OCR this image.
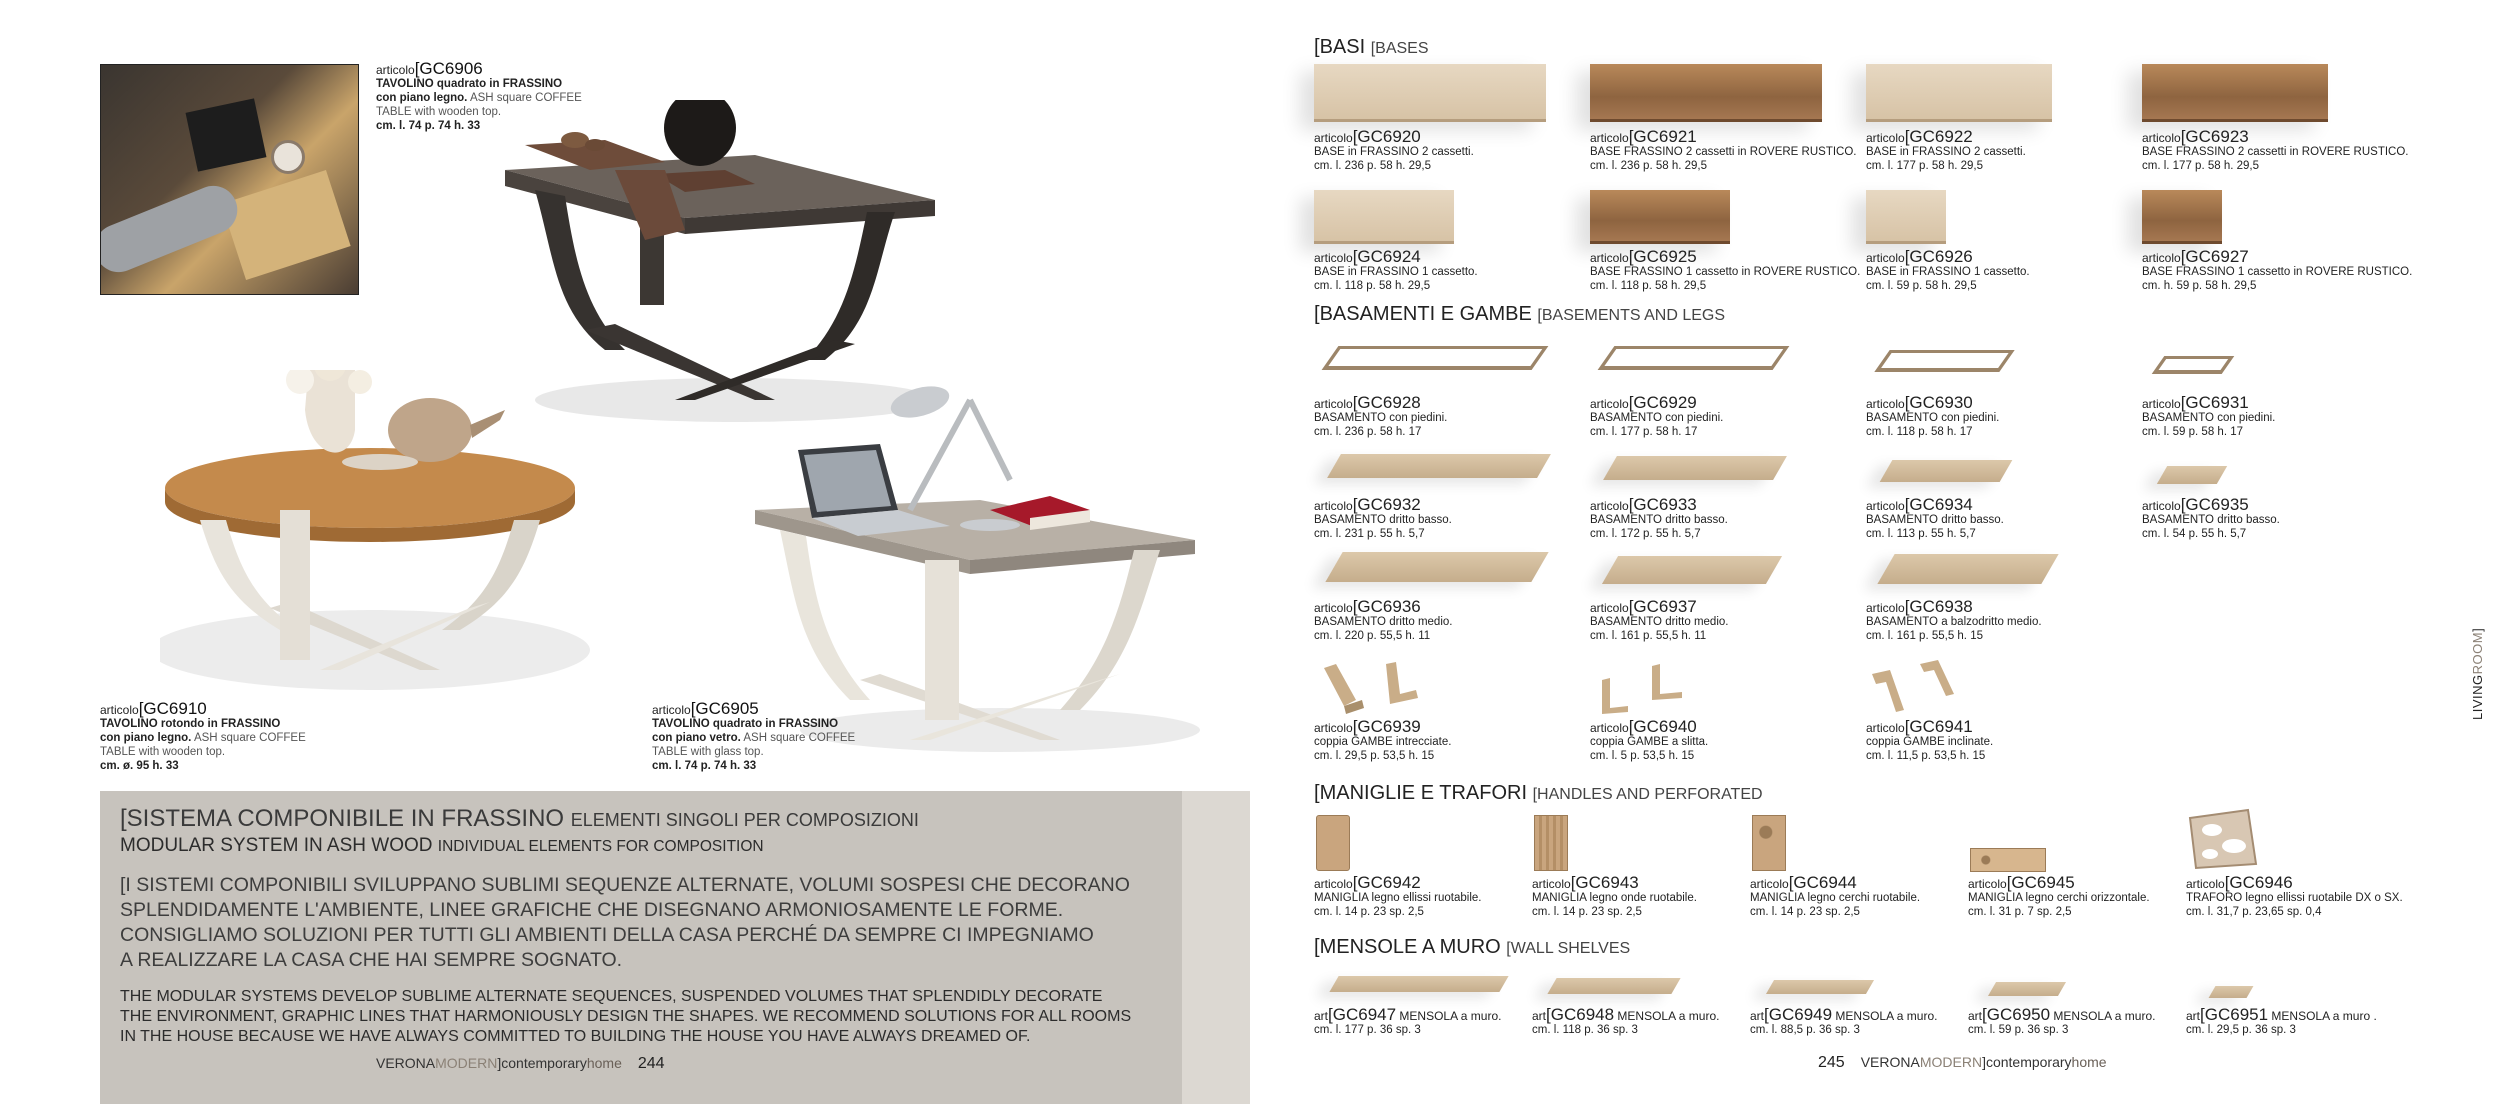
articolo[GC6906
TAVOLINO quadrato in FRASSINO
con piano legno. ASH square COFFEE
TABLE with wooden top.
cm. l. 74 p. 74 h. 33
articolo[GC6910
TAVOLINO rotondo in FRASSINO
con piano legno. ASH square COFFEE
TABLE with wooden top.
cm. ø. 95 h. 33
articolo[GC6905
TAVOLINO quadrato in FRASSINO
con piano vetro. ASH square COFFEE
TABLE with glass top.
cm. l. 74 p. 74 h. 33
[SISTEMA COMPONIBILE IN FRASSINO ELEMENTI SINGOLI PER COMPOSIZIONI
MODULAR SYSTEM IN ASH WOOD INDIVIDUAL ELEMENTS FOR COMPOSITION
[I SISTEMI COMPONIBILI SVILUPPANO SUBLIMI SEQUENZE ALTERNATE, VOLUMI SOSPESI CHE DECORANO
SPLENDIDAMENTE L'AMBIENTE, LINEE GRAFICHE CHE DISEGNANO ARMONIOSAMENTE LE FORME.
CONSIGLIAMO SOLUZIONI PER TUTTI GLI AMBIENTI DELLA CASA PERCHÉ DA SEMPRE CI IMPEGNIAMO
A REALIZZARE LA CASA CHE HAI SEMPRE SOGNATO.
THE MODULAR SYSTEMS DEVELOP SUBLIME ALTERNATE SEQUENCES, SUSPENDED VOLUMES THAT SPLENDIDLY DECORATE
THE ENVIRONMENT, GRAPHIC LINES THAT HARMONIOUSLY DESIGN THE SHAPES. WE RECOMMEND SOLUTIONS FOR ALL ROOMS
IN THE HOUSE BECAUSE WE HAVE ALWAYS COMMITTED TO BUILDING THE HOUSE YOU HAVE ALWAYS DREAMED OF.
VERONAMODERN]contemporaryhome 244
[BASI [BASES
articolo[GC6920
BASE in FRASSINO 2 cassetti.
cm. l. 236 p. 58 h. 29,5
articolo[GC6921
BASE FRASSINO 2 cassetti in ROVERE RUSTICO.
cm. l. 236 p. 58 h. 29,5
articolo[GC6922
BASE in FRASSINO 2 cassetti.
cm. l. 177 p. 58 h. 29,5
articolo[GC6923
BASE FRASSINO 2 cassetti in ROVERE RUSTICO.
cm. l. 177 p. 58 h. 29,5
articolo[GC6924
BASE in FRASSINO 1 cassetto.
cm. l. 118 p. 58 h. 29,5
articolo[GC6925
BASE FRASSINO 1 cassetto in ROVERE RUSTICO.
cm. l. 118 p. 58 h. 29,5
articolo[GC6926
BASE in FRASSINO 1 cassetto.
cm. l. 59 p. 58 h. 29,5
articolo[GC6927
BASE FRASSINO 1 cassetto in ROVERE RUSTICO.
cm. h. 59 p. 58 h. 29,5
[BASAMENTI E GAMBE [BASEMENTS AND LEGS
articolo[GC6928
BASAMENTO con piedini.
cm. l. 236 p. 58 h. 17
articolo[GC6929
BASAMENTO con piedini.
cm. l. 177 p. 58 h. 17
articolo[GC6930
BASAMENTO con piedini.
cm. l. 118 p. 58 h. 17
articolo[GC6931
BASAMENTO con piedini.
cm. l. 59 p. 58 h. 17
articolo[GC6932
BASAMENTO dritto basso.
cm. l. 231 p. 55 h. 5,7
articolo[GC6933
BASAMENTO dritto basso.
cm. l. 172 p. 55 h. 5,7
articolo[GC6934
BASAMENTO dritto basso.
cm. l. 113 p. 55 h. 5,7
articolo[GC6935
BASAMENTO dritto basso.
cm. l. 54 p. 55 h. 5,7
articolo[GC6936
BASAMENTO dritto medio.
cm. l. 220 p. 55,5 h. 11
articolo[GC6937
BASAMENTO dritto medio.
cm. l. 161 p. 55,5 h. 11
articolo[GC6938
BASAMENTO a balzodritto medio.
cm. l. 161 p. 55,5 h. 15
articolo[GC6939
coppia GAMBE intrecciate.
cm. l. 29,5 p. 53,5 h. 15
articolo[GC6940
coppia GAMBE a slitta.
cm. l. 5 p. 53,5 h. 15
articolo[GC6941
coppia GAMBE inclinate.
cm. l. 11,5 p. 53,5 h. 15
[MANIGLIE E TRAFORI [HANDLES AND PERFORATED
articolo[GC6942
MANIGLIA legno ellissi ruotabile.
cm. l. 14 p. 23 sp. 2,5
articolo[GC6943
MANIGLIA legno onde ruotabile.
cm. l. 14 p. 23 sp. 2,5
articolo[GC6944
MANIGLIA legno cerchi ruotabile.
cm. l. 14 p. 23 sp. 2,5
articolo[GC6945
MANIGLIA legno cerchi orizzontale.
cm. l. 31 p. 7 sp. 2,5
articolo[GC6946
TRAFORO legno ellissi ruotabile DX o SX.
cm. l. 31,7 p. 23,65 sp. 0,4
[MENSOLE A MURO [WALL SHELVES
art[GC6947 MENSOLA a muro.
cm. l. 177 p. 36 sp. 3
art[GC6948 MENSOLA a muro.
cm. l. 118 p. 36 sp. 3
art[GC6949 MENSOLA a muro.
cm. l. 88,5 p. 36 sp. 3
art[GC6950 MENSOLA a muro.
cm. l. 59 p. 36 sp. 3
art[GC6951 MENSOLA a muro .
cm. l. 29,5 p. 36 sp. 3
LIVINGROOM]
245 VERONAMODERN]contemporaryhome
